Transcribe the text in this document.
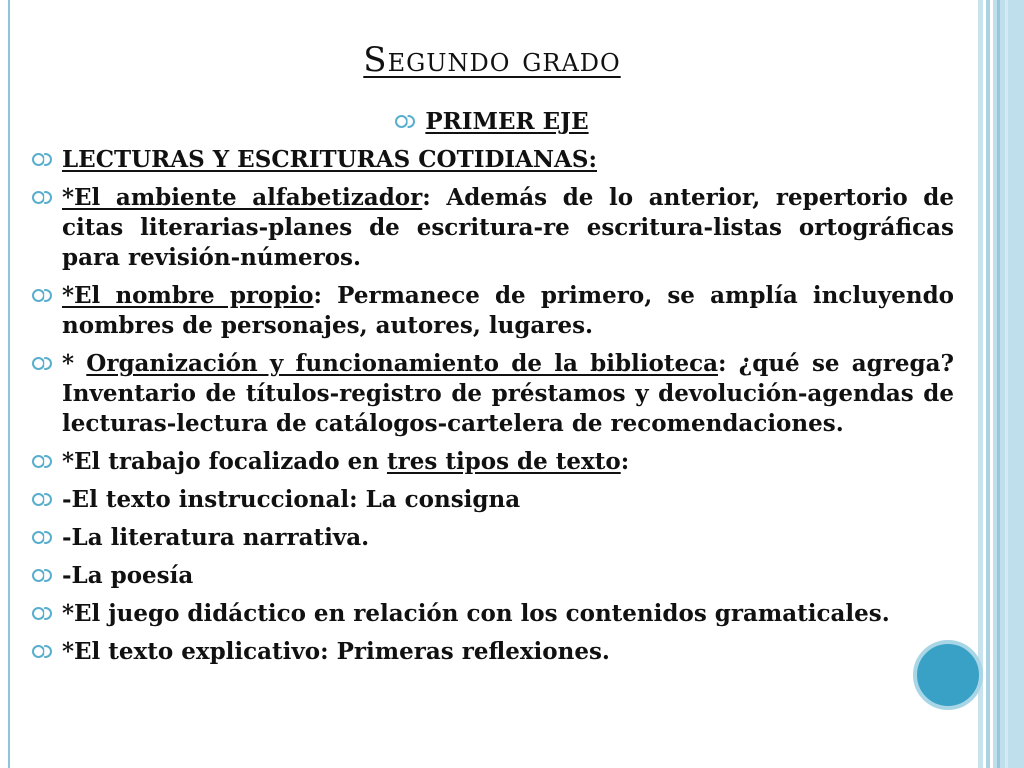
Segundo grado
PRIMER EJE
LECTURAS Y ESCRITURAS COTIDIANAS:
*El ambiente alfabetizador: Además de lo anterior, repertorio de citas literarias-planes de escritura-re escritura-listas ortográficas para revisión-números.
*El nombre propio: Permanece de primero, se amplía incluyendo nombres de personajes, autores, lugares.
* Organización y funcionamiento de la biblioteca: ¿qué se agrega? Inventario de títulos-registro de préstamos y devolución-agendas de lecturas-lectura de catálogos-cartelera de recomendaciones.
*El trabajo focalizado en tres tipos de texto:
-El texto instruccional: La consigna
-La literatura narrativa.
-La poesía
*El juego didáctico en relación con los contenidos gramaticales.
*El texto explicativo: Primeras reflexiones.
